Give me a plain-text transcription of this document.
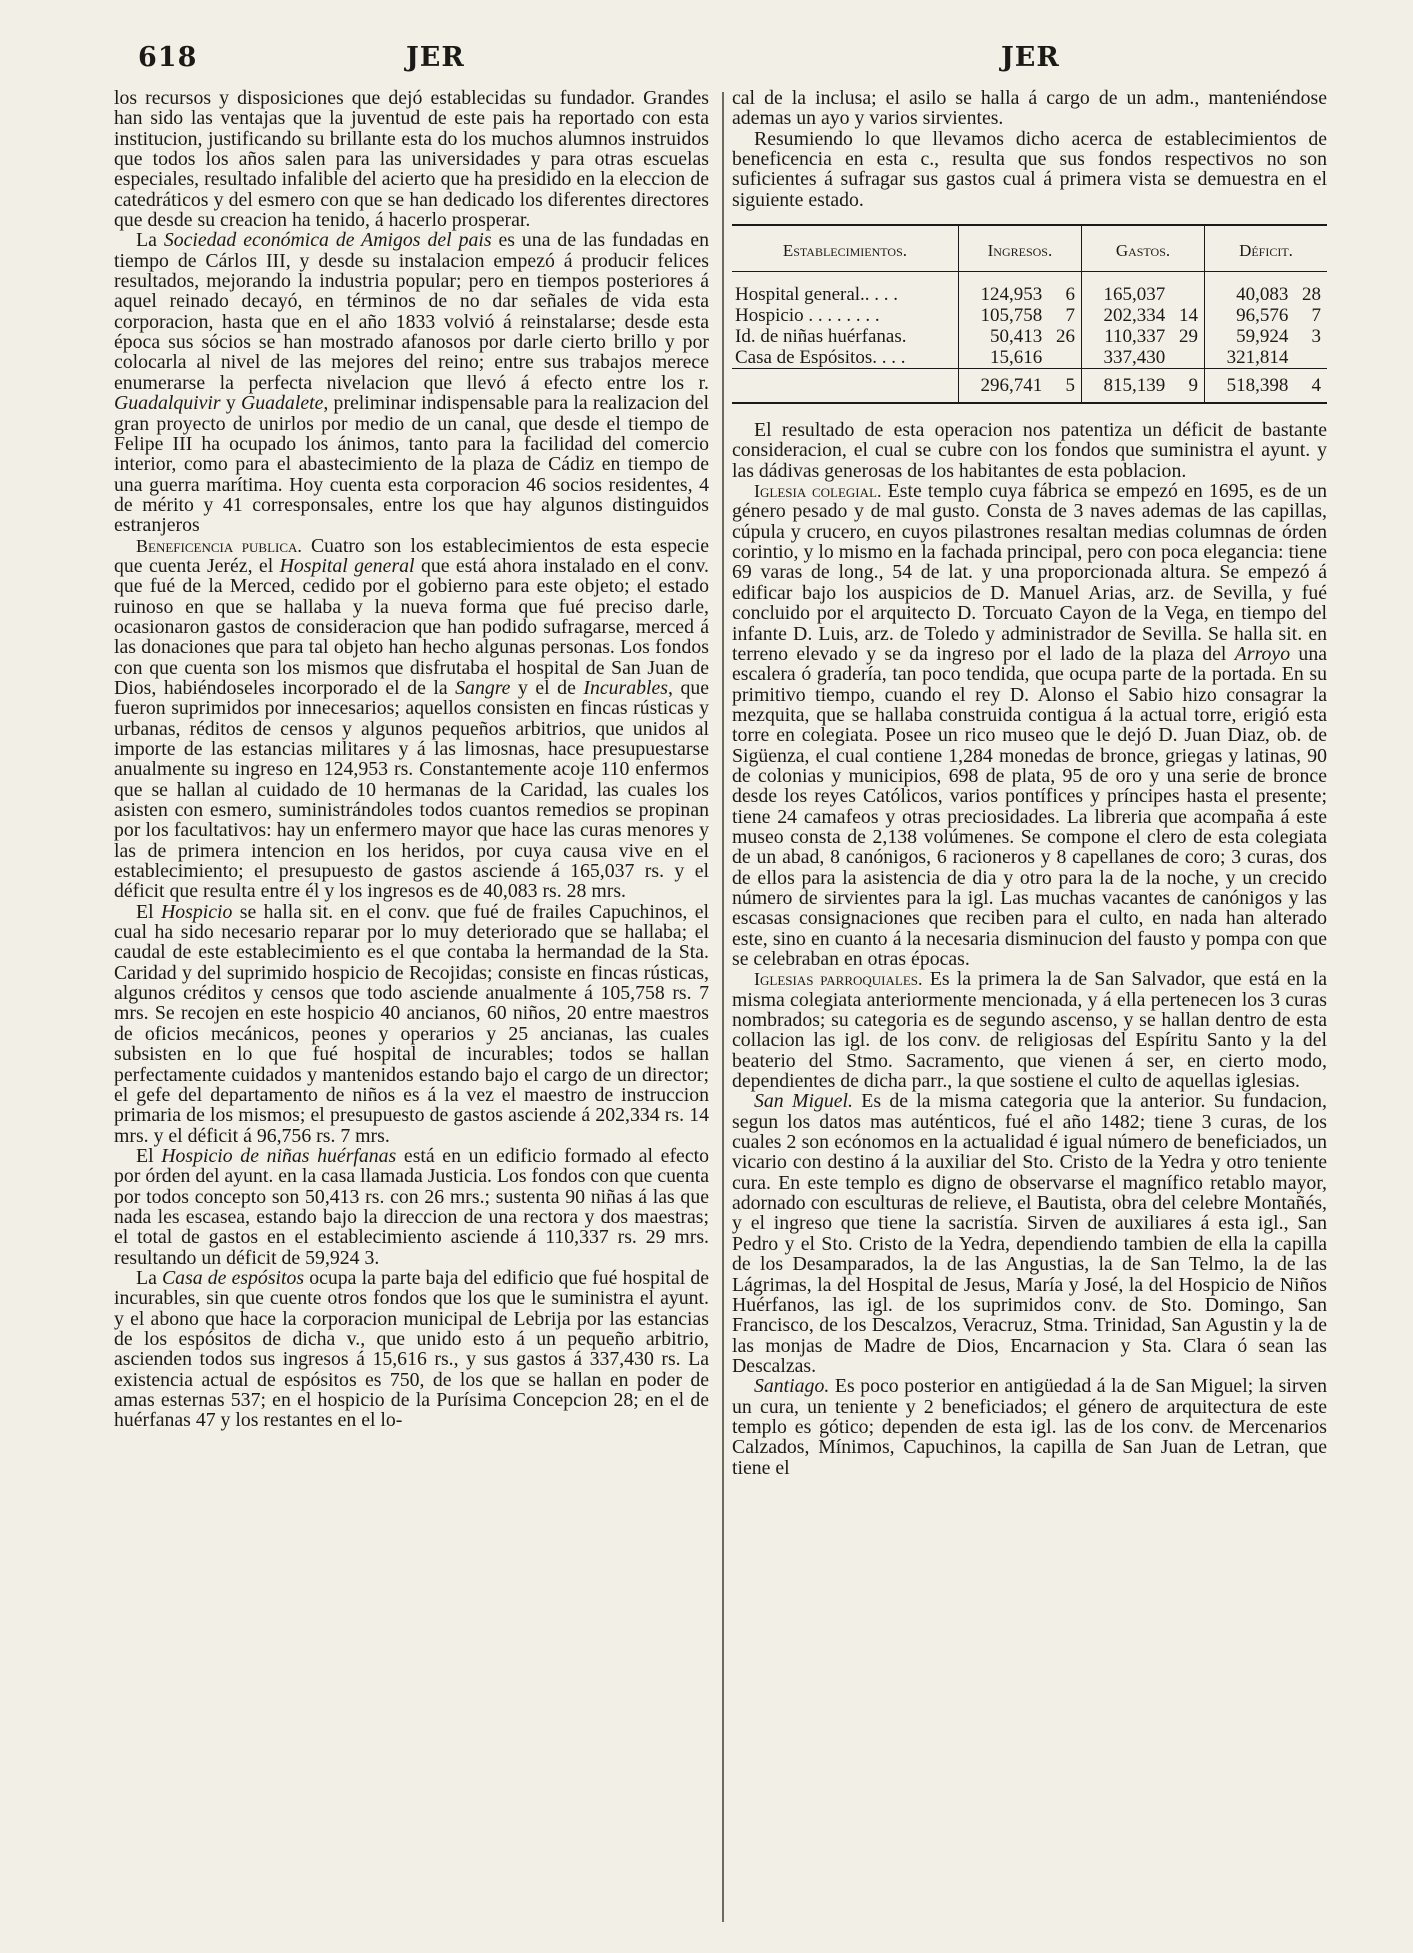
618	JER	JER

los recursos y disposiciones que dejó establecidas su fundador. Grandes han sido las ventajas que la juventud de este pais ha reportado con esta institucion, justificando su brillante esta do los muchos alumnos instruidos que todos los años salen para las universidades y para otras escuelas especiales, resultado infalible del acierto que ha presidido en la eleccion de catedráticos y del esmero con que se han dedicado los diferentes directores que desde su creacion ha tenido, á hacerlo prosperar.

La Sociedad económica de Amigos del pais es una de las fundadas en tiempo de Cárlos III, y desde su instalacion empezó á producir felices resultados, mejorando la industria popular; pero en tiempos posteriores á aquel reinado decayó, en términos de no dar señales de vida esta corporacion, hasta que en el año 1833 volvió á reinstalarse; desde esta época sus sócios se han mostrado afanosos por darle cierto brillo y por colocarla al nivel de las mejores del reino; entre sus trabajos merece enumerarse la perfecta nivelacion que llevó á efecto entre los r. Guadalquivir y Guadalete, preliminar indispensable para la realizacion del gran proyecto de unirlos por medio de un canal, que desde el tiempo de Felipe III ha ocupado los ánimos, tanto para la facilidad del comercio interior, como para el abastecimiento de la plaza de Cádiz en tiempo de una guerra marítima. Hoy cuenta esta corporacion 46 socios residentes, 4 de mérito y 41 corresponsales, entre los que hay algunos distinguidos estranjeros

Beneficencia publica. Cuatro son los establecimientos de esta especie que cuenta Jeréz, el Hospital general que está ahora instalado en el conv. que fué de la Merced, cedido por el gobierno para este objeto; el estado ruinoso en que se hallaba y la nueva forma que fué preciso darle, ocasionaron gastos de consideracion que han podido sufragarse, merced á las donaciones que para tal objeto han hecho algunas personas. Los fondos con que cuenta son los mismos que disfrutaba el hospital de San Juan de Dios, habiéndoseles incorporado el de la Sangre y el de Incurables, que fueron suprimidos por innecesarios; aquellos consisten en fincas rústicas y urbanas, réditos de censos y algunos pequeños arbitrios, que unidos al importe de las estancias militares y á las limosnas, hace presupuestarse anualmente su ingreso en 124,953 rs. Constantemente acoje 110 enfermos que se hallan al cuidado de 10 hermanas de la Caridad, las cuales los asisten con esmero, suministrándoles todos cuantos remedios se propinan por los facultativos: hay un enfermero mayor que hace las curas menores y las de primera intencion en los heridos, por cuya causa vive en el establecimiento; el presupuesto de gastos asciende á 165,037 rs. y el déficit que resulta entre él y los ingresos es de 40,083 rs. 28 mrs.

El Hospicio se halla sit. en el conv. que fué de frailes Capuchinos, el cual ha sido necesario reparar por lo muy deteriorado que se hallaba; el caudal de este establecimiento es el que contaba la hermandad de la Sta. Caridad y del suprimido hospicio de Recojidas; consiste en fincas rústicas, algunos créditos y censos que todo asciende anualmente á 105,758 rs. 7 mrs. Se recojen en este hospicio 40 ancianos, 60 niños, 20 entre maestros de oficios mecánicos, peones y operarios y 25 ancianas, las cuales subsisten en lo que fué hospital de incurables; todos se hallan perfectamente cuidados y mantenidos estando bajo el cargo de un director; el gefe del departamento de niños es á la vez el maestro de instruccion primaria de los mismos; el presupuesto de gastos asciende á 202,334 rs. 14 mrs. y el déficit á 96,756 rs. 7 mrs.

El Hospicio de niñas huérfanas está en un edificio formado al efecto por órden del ayunt. en la casa llamada Justicia. Los fondos con que cuenta por todos concepto son 50,413 rs. con 26 mrs.; sustenta 90 niñas á las que nada les escasea, estando bajo la direccion de una rectora y dos maestras; el total de gastos en el establecimiento asciende á 110,337 rs. 29 mrs. resultando un déficit de 59,924 3.

La Casa de espósitos ocupa la parte baja del edificio que fué hospital de incurables, sin que cuente otros fondos que los que le suministra el ayunt. y el abono que hace la corporacion municipal de Lebrija por las estancias de los espósitos de dicha v., que unido esto á un pequeño arbitrio, ascienden todos sus ingresos á 15,616 rs., y sus gastos á 337,430 rs. La existencia actual de espósitos es 750, de los que se hallan en poder de amas esternas 537; en el hospicio de la Purísima Concepcion 28; en el de huérfanas 47 y los restantes en el lo-

cal de la inclusa; el asilo se halla á cargo de un adm., manteniéndose ademas un ayo y varios sirvientes.

Resumiendo lo que llevamos dicho acerca de establecimientos de beneficencia en esta c., resulta que sus fondos respectivos no son suficientes á sufragar sus gastos cual á primera vista se demuestra en el siguiente estado.

Establecimientos.	Ingresos.		Gastos.		Déficit.	
Hospital general.. . . .	124,953	6	165,037		40,083	28
Hospicio . . . . . . . .	105,758	7	202,334	14	96,576	7
Id. de niñas huérfanas.	50,413	26	110,337	29	59,924	3
Casa de Espósitos. . . .	15,616		337,430		321,814	
	296,741	5	815,139	9	518,398	4

El resultado de esta operacion nos patentiza un déficit de bastante consideracion, el cual se cubre con los fondos que suministra el ayunt. y las dádivas generosas de los habitantes de esta poblacion.

Iglesia colegial. Este templo cuya fábrica se empezó en 1695, es de un género pesado y de mal gusto. Consta de 3 naves ademas de las capillas, cúpula y crucero, en cuyos pilastrones resaltan medias columnas de órden corintio, y lo mismo en la fachada principal, pero con poca elegancia: tiene 69 varas de long., 54 de lat. y una proporcionada altura. Se empezó á edificar bajo los auspicios de D. Manuel Arias, arz. de Sevilla, y fué concluido por el arquitecto D. Torcuato Cayon de la Vega, en tiempo del infante D. Luis, arz. de Toledo y administrador de Sevilla. Se halla sit. en terreno elevado y se da ingreso por el lado de la plaza del Arroyo una escalera ó gradería, tan poco tendida, que ocupa parte de la portada. En su primitivo tiempo, cuando el rey D. Alonso el Sabio hizo consagrar la mezquita, que se hallaba construida contigua á la actual torre, erigió esta torre en colegiata. Posee un rico museo que le dejó D. Juan Diaz, ob. de Sigüenza, el cual contiene 1,284 monedas de bronce, griegas y latinas, 90 de colonias y municipios, 698 de plata, 95 de oro y una serie de bronce desde los reyes Católicos, varios pontífices y príncipes hasta el presente; tiene 24 camafeos y otras preciosidades. La libreria que acompaña á este museo consta de 2,138 volúmenes. Se compone el clero de esta colegiata de un abad, 8 canónigos, 6 racioneros y 8 capellanes de coro; 3 curas, dos de ellos para la asistencia de dia y otro para la de la noche, y un crecido número de sirvientes para la igl. Las muchas vacantes de canónigos y las escasas consignaciones que reciben para el culto, en nada han alterado este, sino en cuanto á la necesaria disminucion del fausto y pompa con que se celebraban en otras épocas.

Iglesias parroquiales. Es la primera la de San Salvador, que está en la misma colegiata anteriormente mencionada, y á ella pertenecen los 3 curas nombrados; su categoria es de segundo ascenso, y se hallan dentro de esta collacion las igl. de los conv. de religiosas del Espíritu Santo y la del beaterio del Stmo. Sacramento, que vienen á ser, en cierto modo, dependientes de dicha parr., la que sostiene el culto de aquellas iglesias.

San Miguel. Es de la misma categoria que la anterior. Su fundacion, segun los datos mas auténticos, fué el año 1482; tiene 3 curas, de los cuales 2 son ecónomos en la actualidad é igual número de beneficiados, un vicario con destino á la auxiliar del Sto. Cristo de la Yedra y otro teniente cura. En este templo es digno de observarse el magnífico retablo mayor, adornado con esculturas de relieve, el Bautista, obra del celebre Montañés, y el ingreso que tiene la sacristía. Sirven de auxiliares á esta igl., San Pedro y el Sto. Cristo de la Yedra, dependiendo tambien de ella la capilla de los Desamparados, la de las Angustias, la de San Telmo, la de las Lágrimas, la del Hospital de Jesus, María y José, la del Hospicio de Niños Huérfanos, las igl. de los suprimidos conv. de Sto. Domingo, San Francisco, de los Descalzos, Veracruz, Stma. Trinidad, San Agustin y la de las monjas de Madre de Dios, Encarnacion y Sta. Clara ó sean las Descalzas.

Santiago. Es poco posterior en antigüedad á la de San Miguel; la sirven un cura, un teniente y 2 beneficiados; el género de arquitectura de este templo es gótico; dependen de esta igl. las de los conv. de Mercenarios Calzados, Mínimos, Capuchinos, la capilla de San Juan de Letran, que tiene el
